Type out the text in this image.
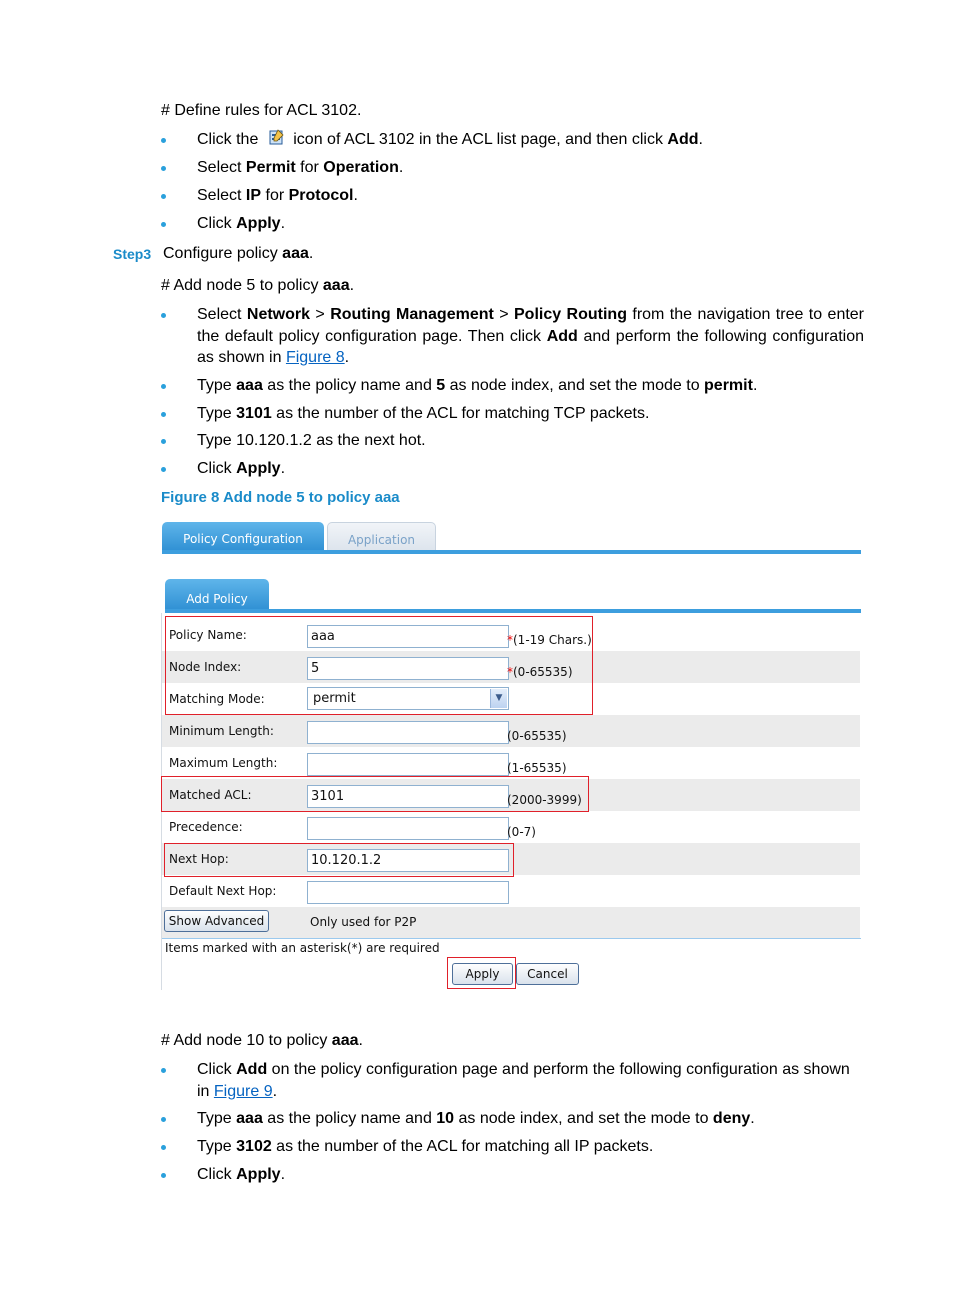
# Define rules for ACL 3102.
Click the  icon of ACL 3102 in the ACL list page, and then click Add.
Select Permit for Operation.
Select IP for Protocol.
Click Apply.
Step3 Configure policy aaa.
# Add node 5 to policy aaa.
Select Network > Routing Management > Policy Routing from the navigation tree to enter the default policy configuration page. Then click Add and perform the following configuration as shown in Figure 8.
Type aaa as the policy name and 5 as node index, and set the mode to permit.
Type 3101 as the number of the ACL for matching TCP packets.
Type 10.120.1.2 as the next hot.
Click Apply.
Figure 8 Add node 5 to policy aaa
Policy Configuration	Application
Add Policy
Policy Name:	aaa	*(1-19 Chars.)
Node Index:	5	*(0-65535)
Matching Mode:	permit	▼
Minimum Length:	(0-65535)
Maximum Length:	(1-65535)
Matched ACL:	3101	(2000-3999)
Precedence:	(0-7)
Next Hop:	10.120.1.2
Default Next Hop:
Show Advanced	Only used for P2P
Items marked with an asterisk(*) are required
Apply	Cancel
# Add node 10 to policy aaa.
Click Add on the policy configuration page and perform the following configuration as shown in Figure 9.
Type aaa as the policy name and 10 as node index, and set the mode to deny.
Type 3102 as the number of the ACL for matching all IP packets.
Click Apply.
